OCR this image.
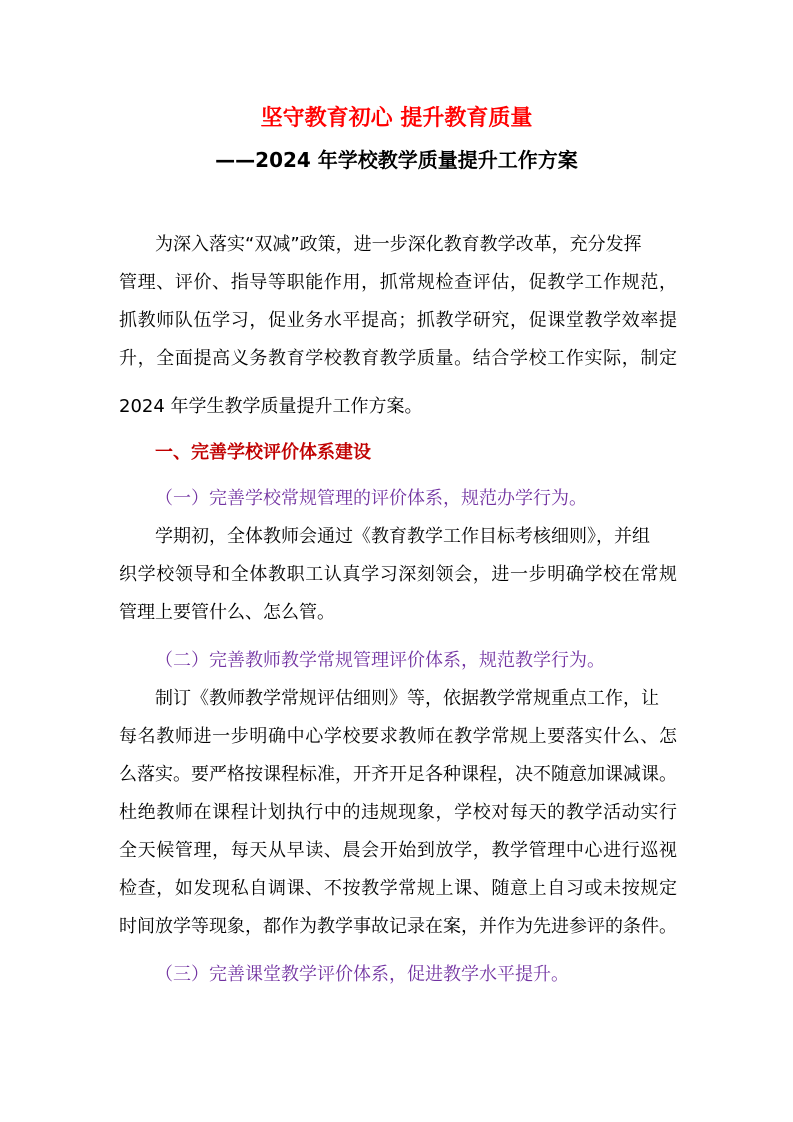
坚守教育初心 提升教育质量
——2024 年学校教学质量提升工作方案
为深入落实“双减”政策，进一步深化教育教学改革，充分发挥
管理、评价、指导等职能作用，抓常规检查评估，促教学工作规范，
抓教师队伍学习，促业务水平提高；抓教学研究，促课堂教学效率提
升，全面提高义务教育学校教育教学质量。结合学校工作实际，制定
2024 年学生教学质量提升工作方案。
一、完善学校评价体系建设
（一）完善学校常规管理的评价体系，规范办学行为。
学期初，全体教师会通过《教育教学工作目标考核细则》，并组
织学校领导和全体教职工认真学习深刻领会，进一步明确学校在常规
管理上要管什么、怎么管。
（二）完善教师教学常规管理评价体系，规范教学行为。
制订《教师教学常规评估细则》等，依据教学常规重点工作，让
每名教师进一步明确中心学校要求教师在教学常规上要落实什么、怎
么落实。要严格按课程标准，开齐开足各种课程，决不随意加课减课。
杜绝教师在课程计划执行中的违规现象，学校对每天的教学活动实行
全天候管理，每天从早读、晨会开始到放学，教学管理中心进行巡视
检查，如发现私自调课、不按教学常规上课、随意上自习或未按规定
时间放学等现象，都作为教学事故记录在案，并作为先进参评的条件。
（三）完善课堂教学评价体系，促进教学水平提升。
